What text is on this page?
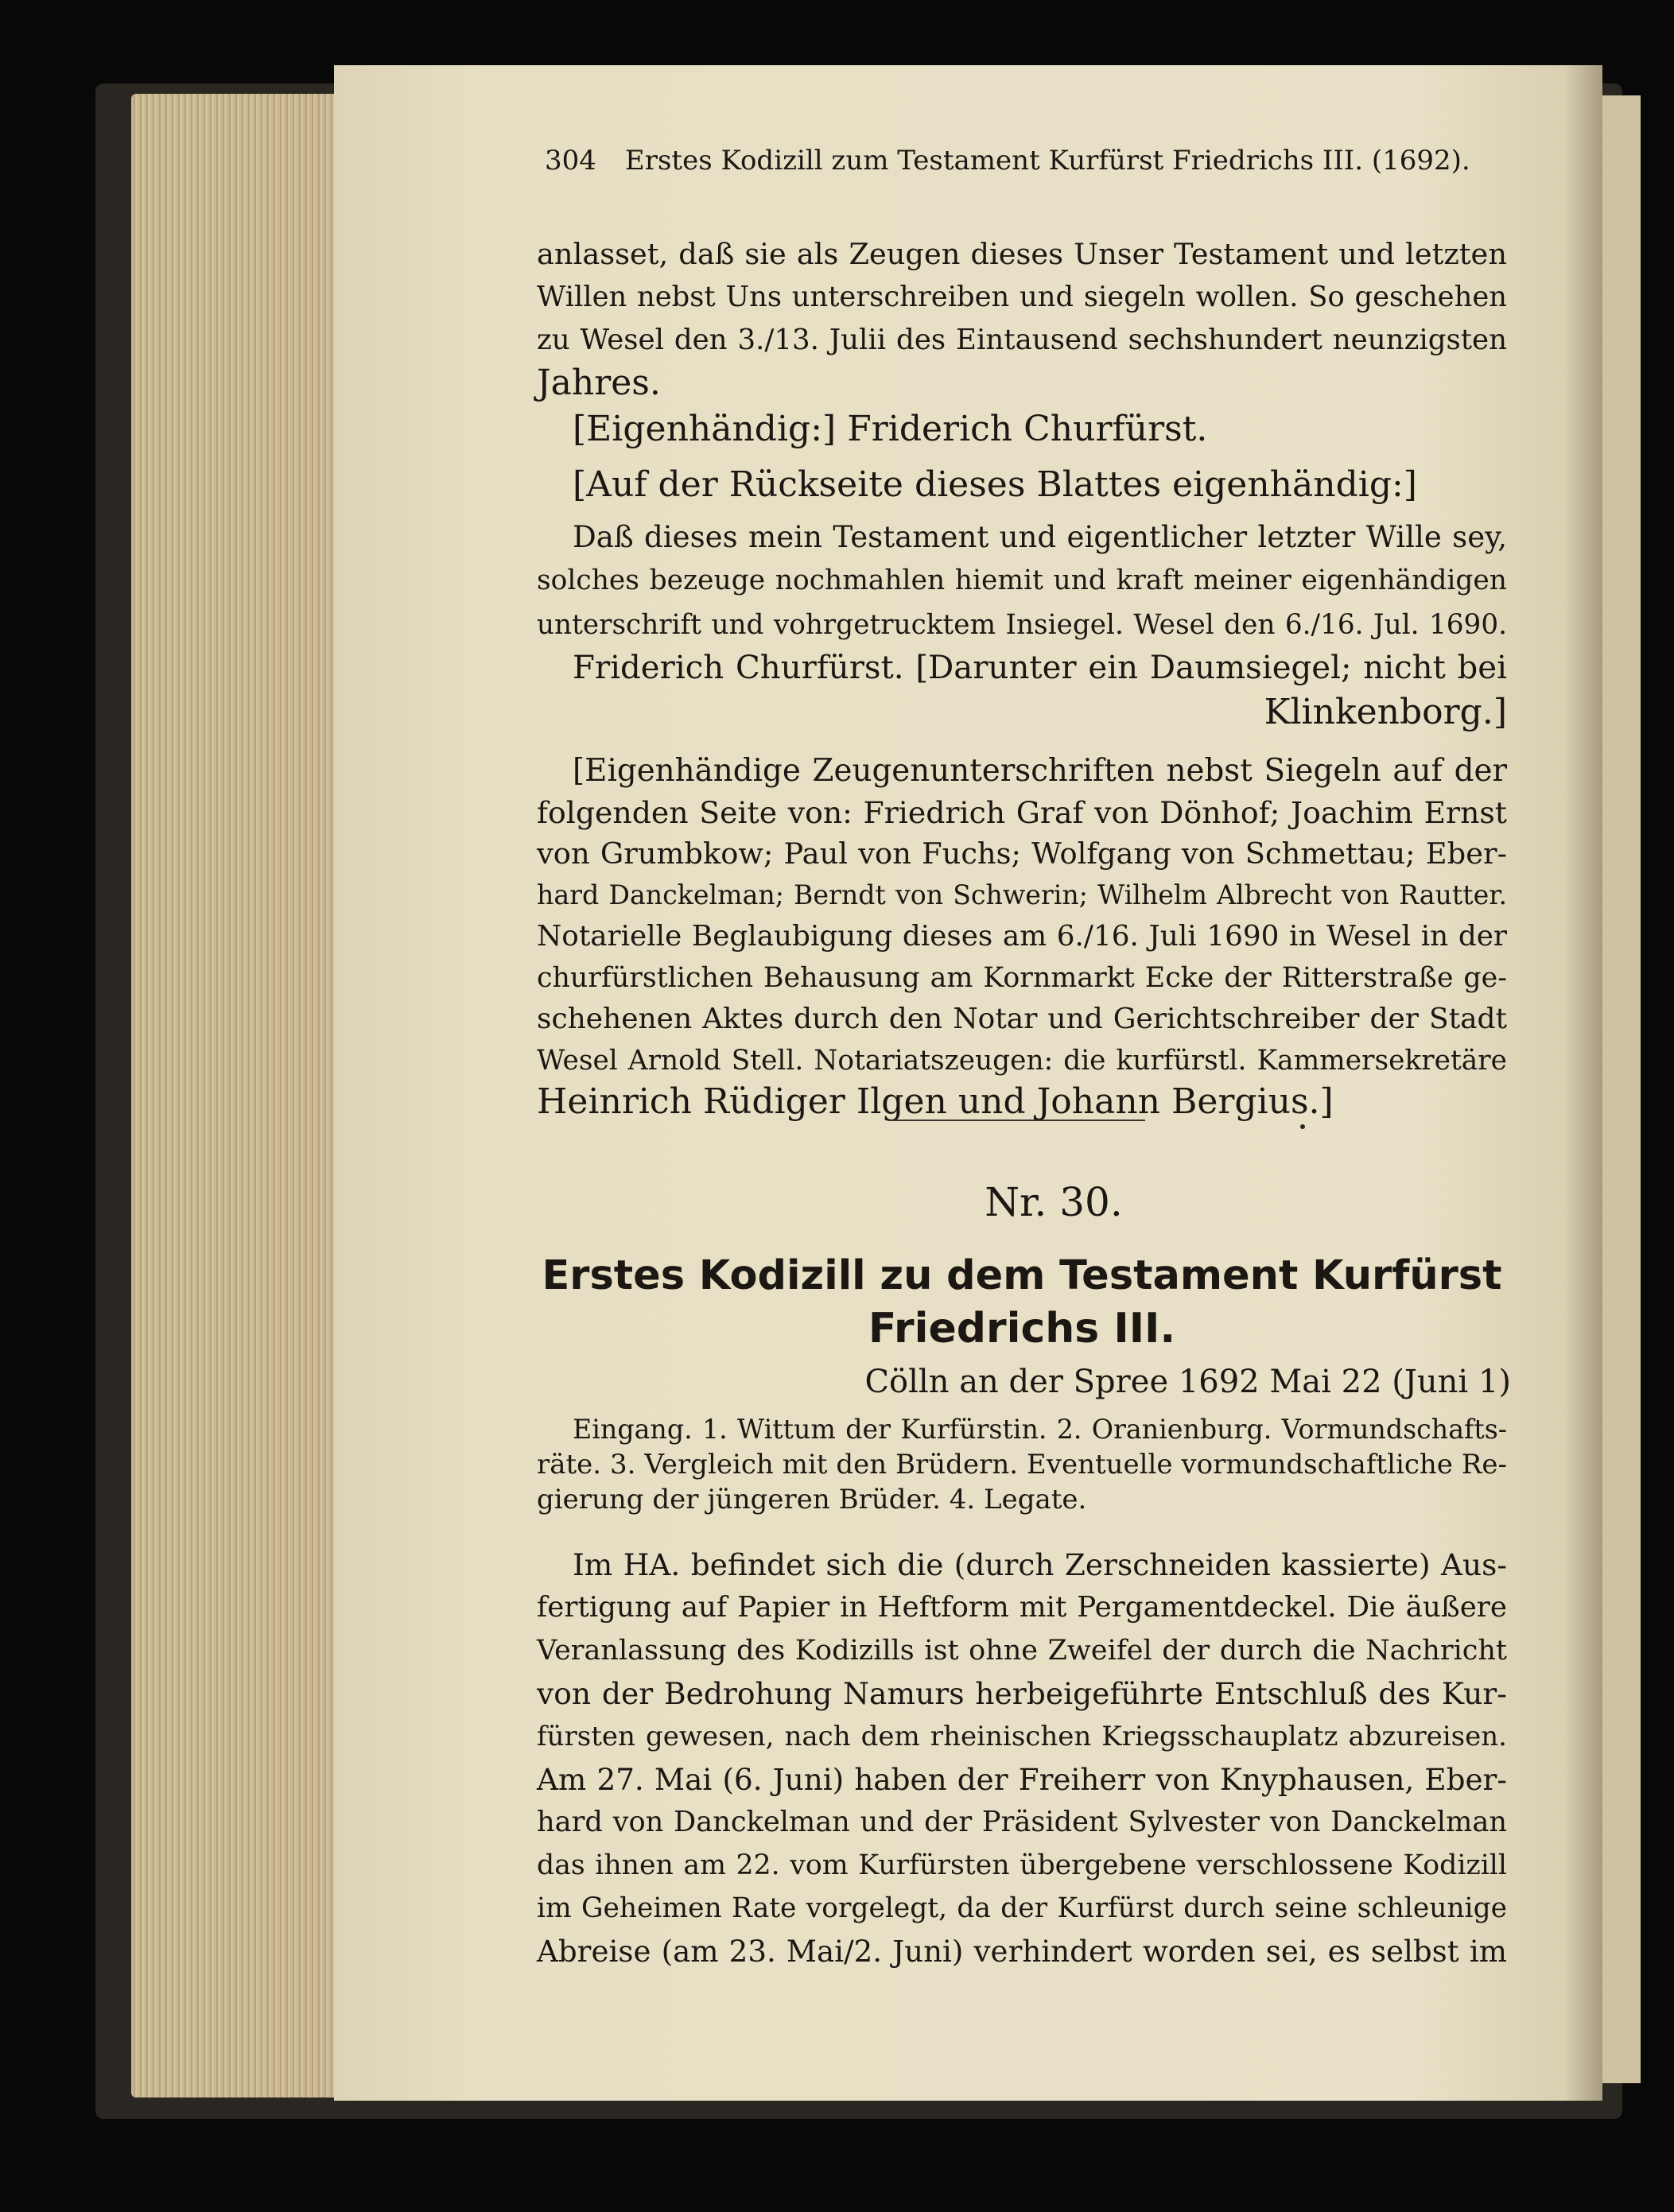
304 Erstes Kodizill zum Testament Kurfürst Friedrichs III. (1692).
anlasset, daß sie als Zeugen dieses Unser Testament und letzten
Willen nebst Uns unterschreiben und siegeln wollen. So geschehen
zu Wesel den 3./13. Julii des Eintausend sechshundert neunzigsten
Jahres.
[Eigenhändig:] Friderich Churfürst.
[Auf der Rückseite dieses Blattes eigenhändig:]
Daß dieses mein Testament und eigentlicher letzter Wille sey,
solches bezeuge nochmahlen hiemit und kraft meiner eigenhändigen
unterschrift und vohrgetrucktem Insiegel. Wesel den 6./16. Jul. 1690.
Friderich Churfürst. [Darunter ein Daumsiegel; nicht bei
Klinkenborg.]
[Eigenhändige Zeugenunterschriften nebst Siegeln auf der
folgenden Seite von: Friedrich Graf von Dönhof; Joachim Ernst
von Grumbkow; Paul von Fuchs; Wolfgang von Schmettau; Eber-
hard Danckelman; Berndt von Schwerin; Wilhelm Albrecht von Rautter.
Notarielle Beglaubigung dieses am 6./16. Juli 1690 in Wesel in der
churfürstlichen Behausung am Kornmarkt Ecke der Ritterstraße ge-
schehenen Aktes durch den Notar und Gerichtschreiber der Stadt
Wesel Arnold Stell. Notariatszeugen: die kurfürstl. Kammersekretäre
Heinrich Rüdiger Ilgen und Johann Bergius.]
Nr. 30.
Erstes Kodizill zu dem Testament Kurfürst
Friedrichs III.
Cölln an der Spree 1692 Mai 22 (Juni 1)
Eingang. 1. Wittum der Kurfürstin. 2. Oranienburg. Vormundschafts-
räte. 3. Vergleich mit den Brüdern. Eventuelle vormundschaftliche Re-
gierung der jüngeren Brüder. 4. Legate.
Im HA. befindet sich die (durch Zerschneiden kassierte) Aus-
fertigung auf Papier in Heftform mit Pergamentdeckel. Die äußere
Veranlassung des Kodizills ist ohne Zweifel der durch die Nachricht
von der Bedrohung Namurs herbeigeführte Entschluß des Kur-
fürsten gewesen, nach dem rheinischen Kriegsschauplatz abzureisen.
Am 27. Mai (6. Juni) haben der Freiherr von Knyphausen, Eber-
hard von Danckelman und der Präsident Sylvester von Danckelman
das ihnen am 22. vom Kurfürsten übergebene verschlossene Kodizill
im Geheimen Rate vorgelegt, da der Kurfürst durch seine schleunige
Abreise (am 23. Mai/2. Juni) verhindert worden sei, es selbst im
